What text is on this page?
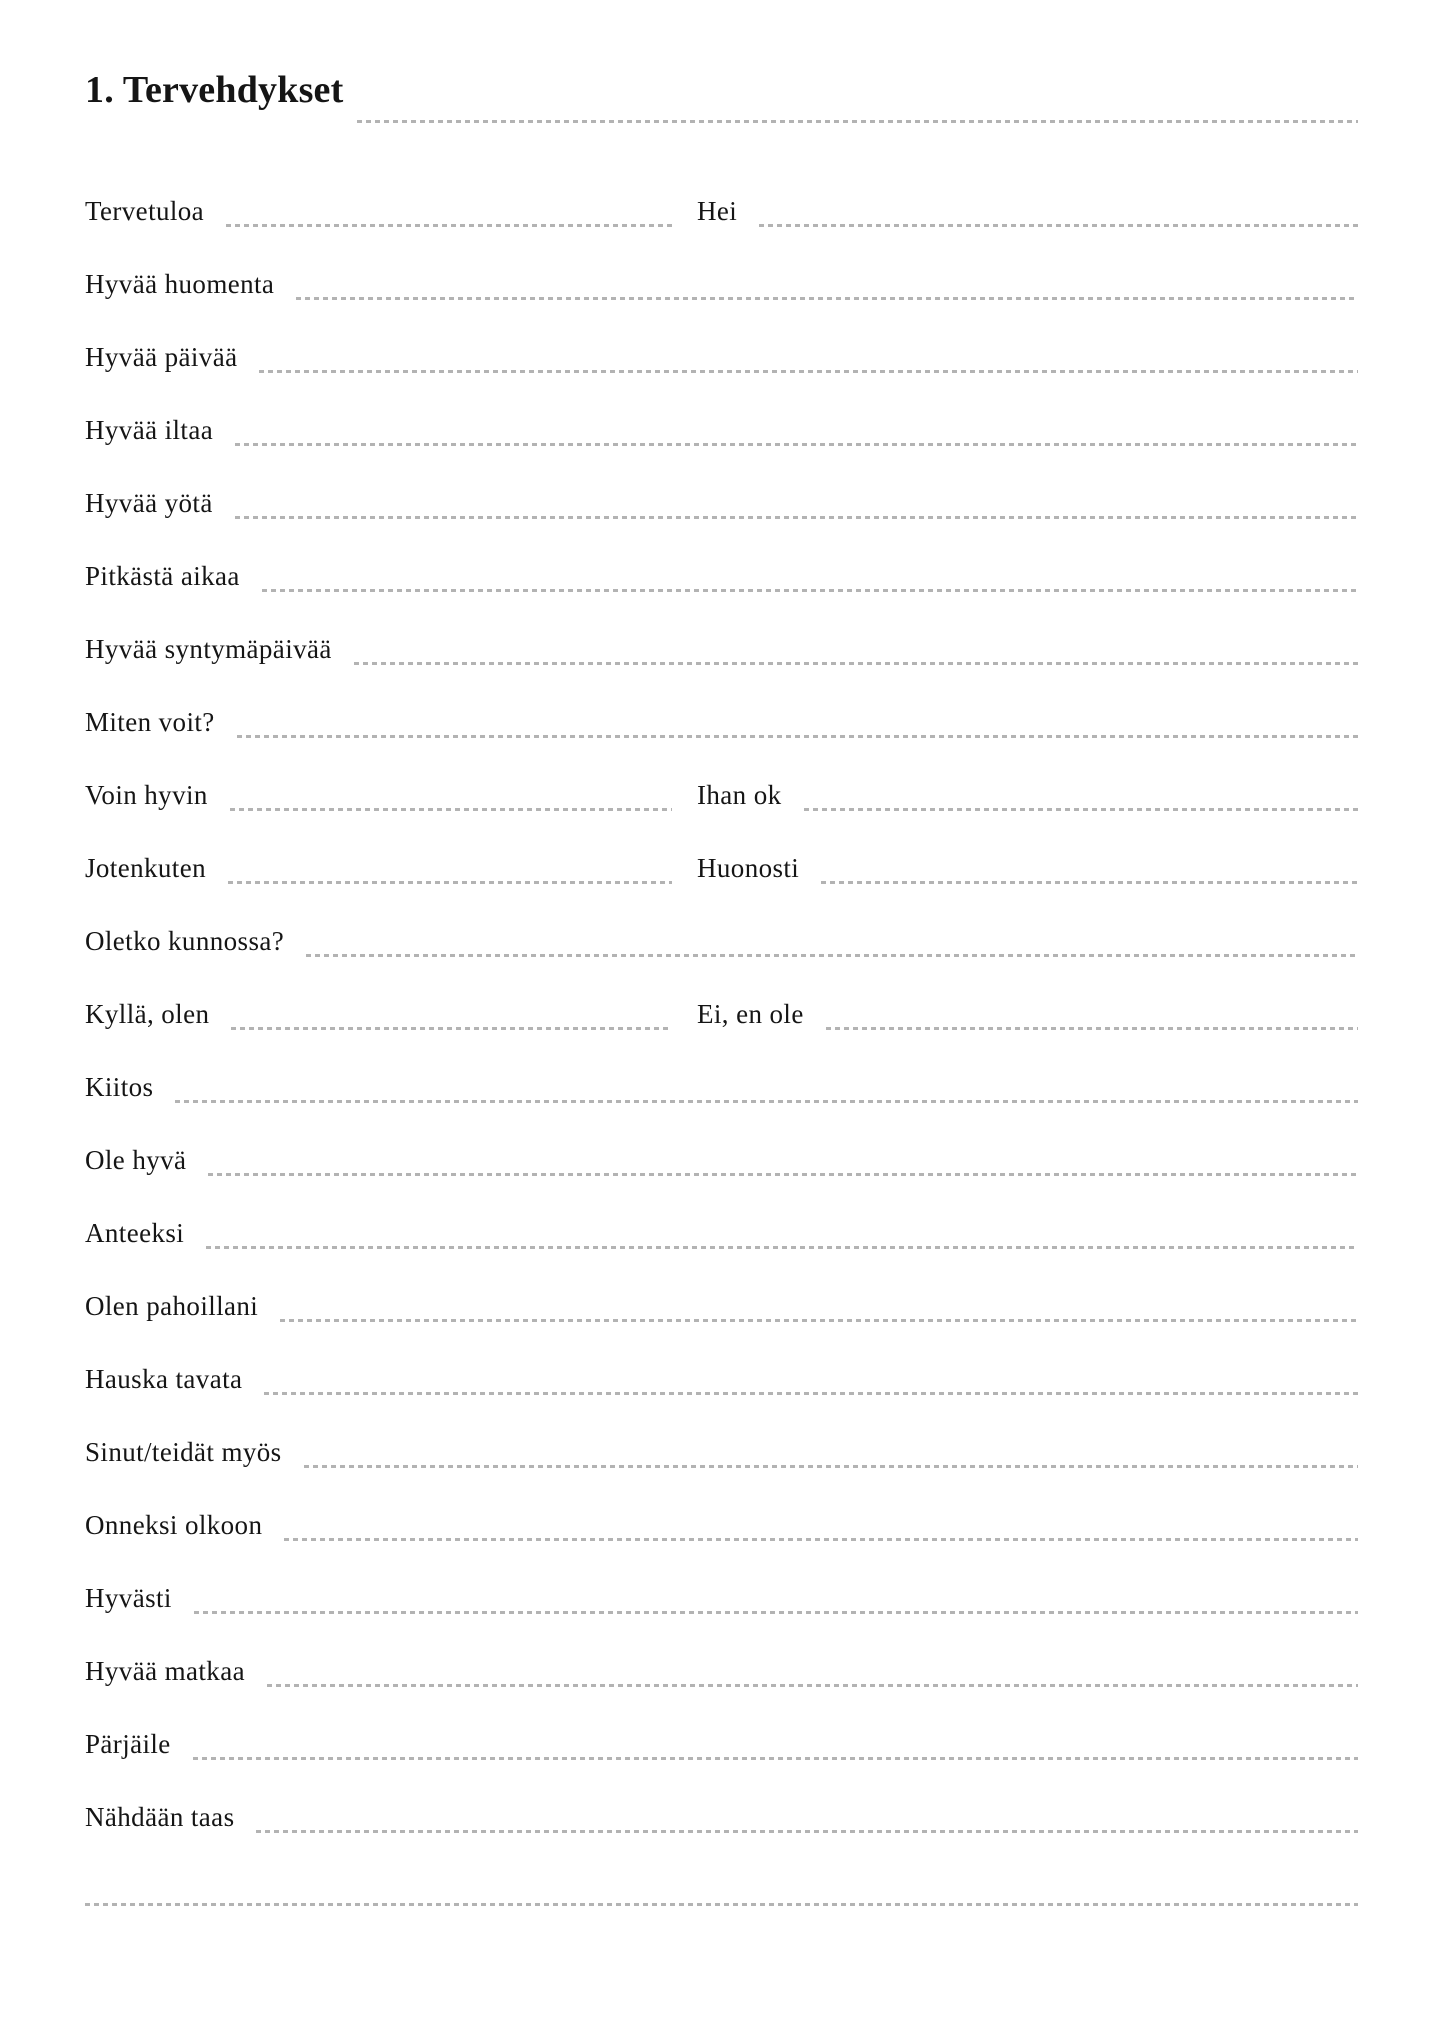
1. Tervehdykset
Tervetuloa	Hei
Hyvää huomenta
Hyvää päivää
Hyvää iltaa
Hyvää yötä
Pitkästä aikaa
Hyvää syntymäpäivää
Miten voit?
Voin hyvin	Ihan ok
Jotenkuten	Huonosti
Oletko kunnossa?
Kyllä, olen	Ei, en ole
Kiitos
Ole hyvä
Anteeksi
Olen pahoillani
Hauska tavata
Sinut/teidät myös
Onneksi olkoon
Hyvästi
Hyvää matkaa
Pärjäile
Nähdään taas
